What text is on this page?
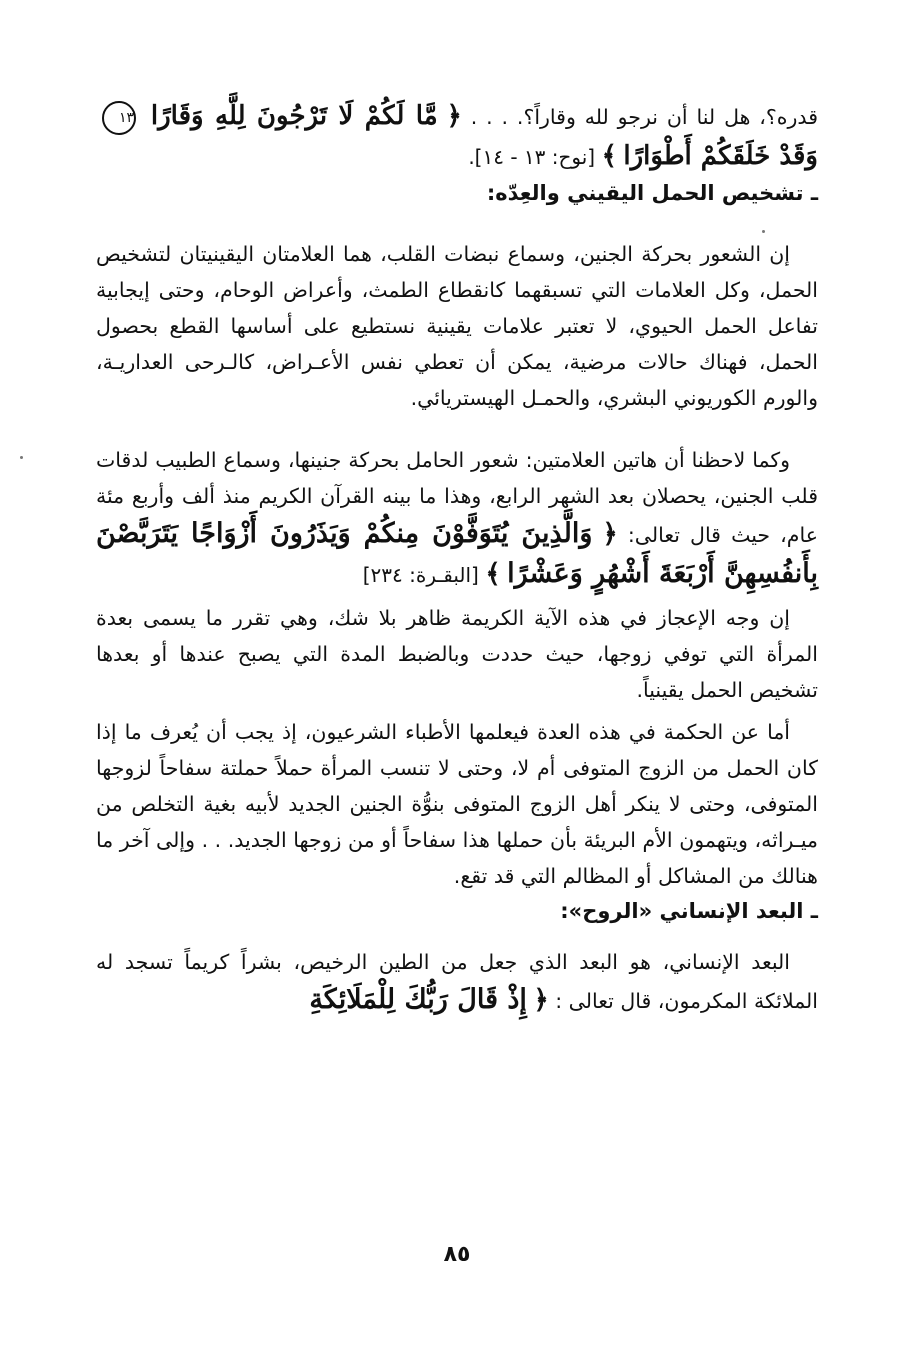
قدره؟، هل لنا أن نرجو لله وقاراً؟. . . . ﴿ مَّا لَكُمْ لَا تَرْجُونَ لِلَّهِ وَقَارًا ١٣ وَقَدْ خَلَقَكُمْ أَطْوَارًا ﴾ [نوح: ١٣ - ١٤].

ـ تشخيص الحمل اليقيني والعِدّه:

إن الشعور بحركة الجنين، وسماع نبضات القلب، هما العلامتان اليقينيتان لتشخيص الحمل، وكل العلامات التي تسبقهما كانقطاع الطمث، وأعراض الوحام، وحتى إيجابية تفاعل الحمل الحيوي، لا تعتبر علامات يقينية نستطيع على أساسها القطع بحصول الحمل، فهناك حالات مرضية، يمكن أن تعطي نفس الأعـراض، كالـرحى العداريـة، والورم الكوريوني البشري، والحمـل الهيستريائي.

وكما لاحظنا أن هاتين العلامتين: شعور الحامل بحركة جنينها، وسماع الطبيب لدقات قلب الجنين، يحصلان بعد الشهر الرابع، وهذا ما بينه القرآن الكريم منذ ألف وأربع مئة عام، حيث قال تعالى: ﴿ وَالَّذِينَ يُتَوَفَّوْنَ مِنكُمْ وَيَذَرُونَ أَزْوَاجًا يَتَرَبَّصْنَ بِأَنفُسِهِنَّ أَرْبَعَةَ أَشْهُرٍ وَعَشْرًا ﴾ [البقـرة: ٢٣٤]

إن وجه الإعجاز في هذه الآية الكريمة ظاهر بلا شك، وهي تقرر ما يسمى بعدة المرأة التي توفي زوجها، حيث حددت وبالضبط المدة التي يصبح عندها أو بعدها تشخيص الحمل يقينياً.

أما عن الحكمة في هذه العدة فيعلمها الأطباء الشرعيون، إذ يجب أن يُعرف ما إذا كان الحمل من الزوج المتوفى أم لا، وحتى لا تنسب المرأة حملاً حملتة سفاحاً لزوجها المتوفى، وحتى لا ينكر أهل الزوج المتوفى بنوُّة الجنين الجديد لأبيه بغية التخلص من ميـراثه، ويتهمون الأم البريئة بأن حملها هذا سفاحاً أو من زوجها الجديد. . . وإلى آخر ما هنالك من المشاكل أو المظالم التي قد تقع.

ـ البعد الإنساني «الروح»:

البعد الإنساني، هو البعد الذي جعل من الطين الرخيص، بشراً كريماً تسجد له الملائكة المكرمون، قال تعالى : ﴿ إِذْ قَالَ رَبُّكَ لِلْمَلَائِكَةِ

٨٥
